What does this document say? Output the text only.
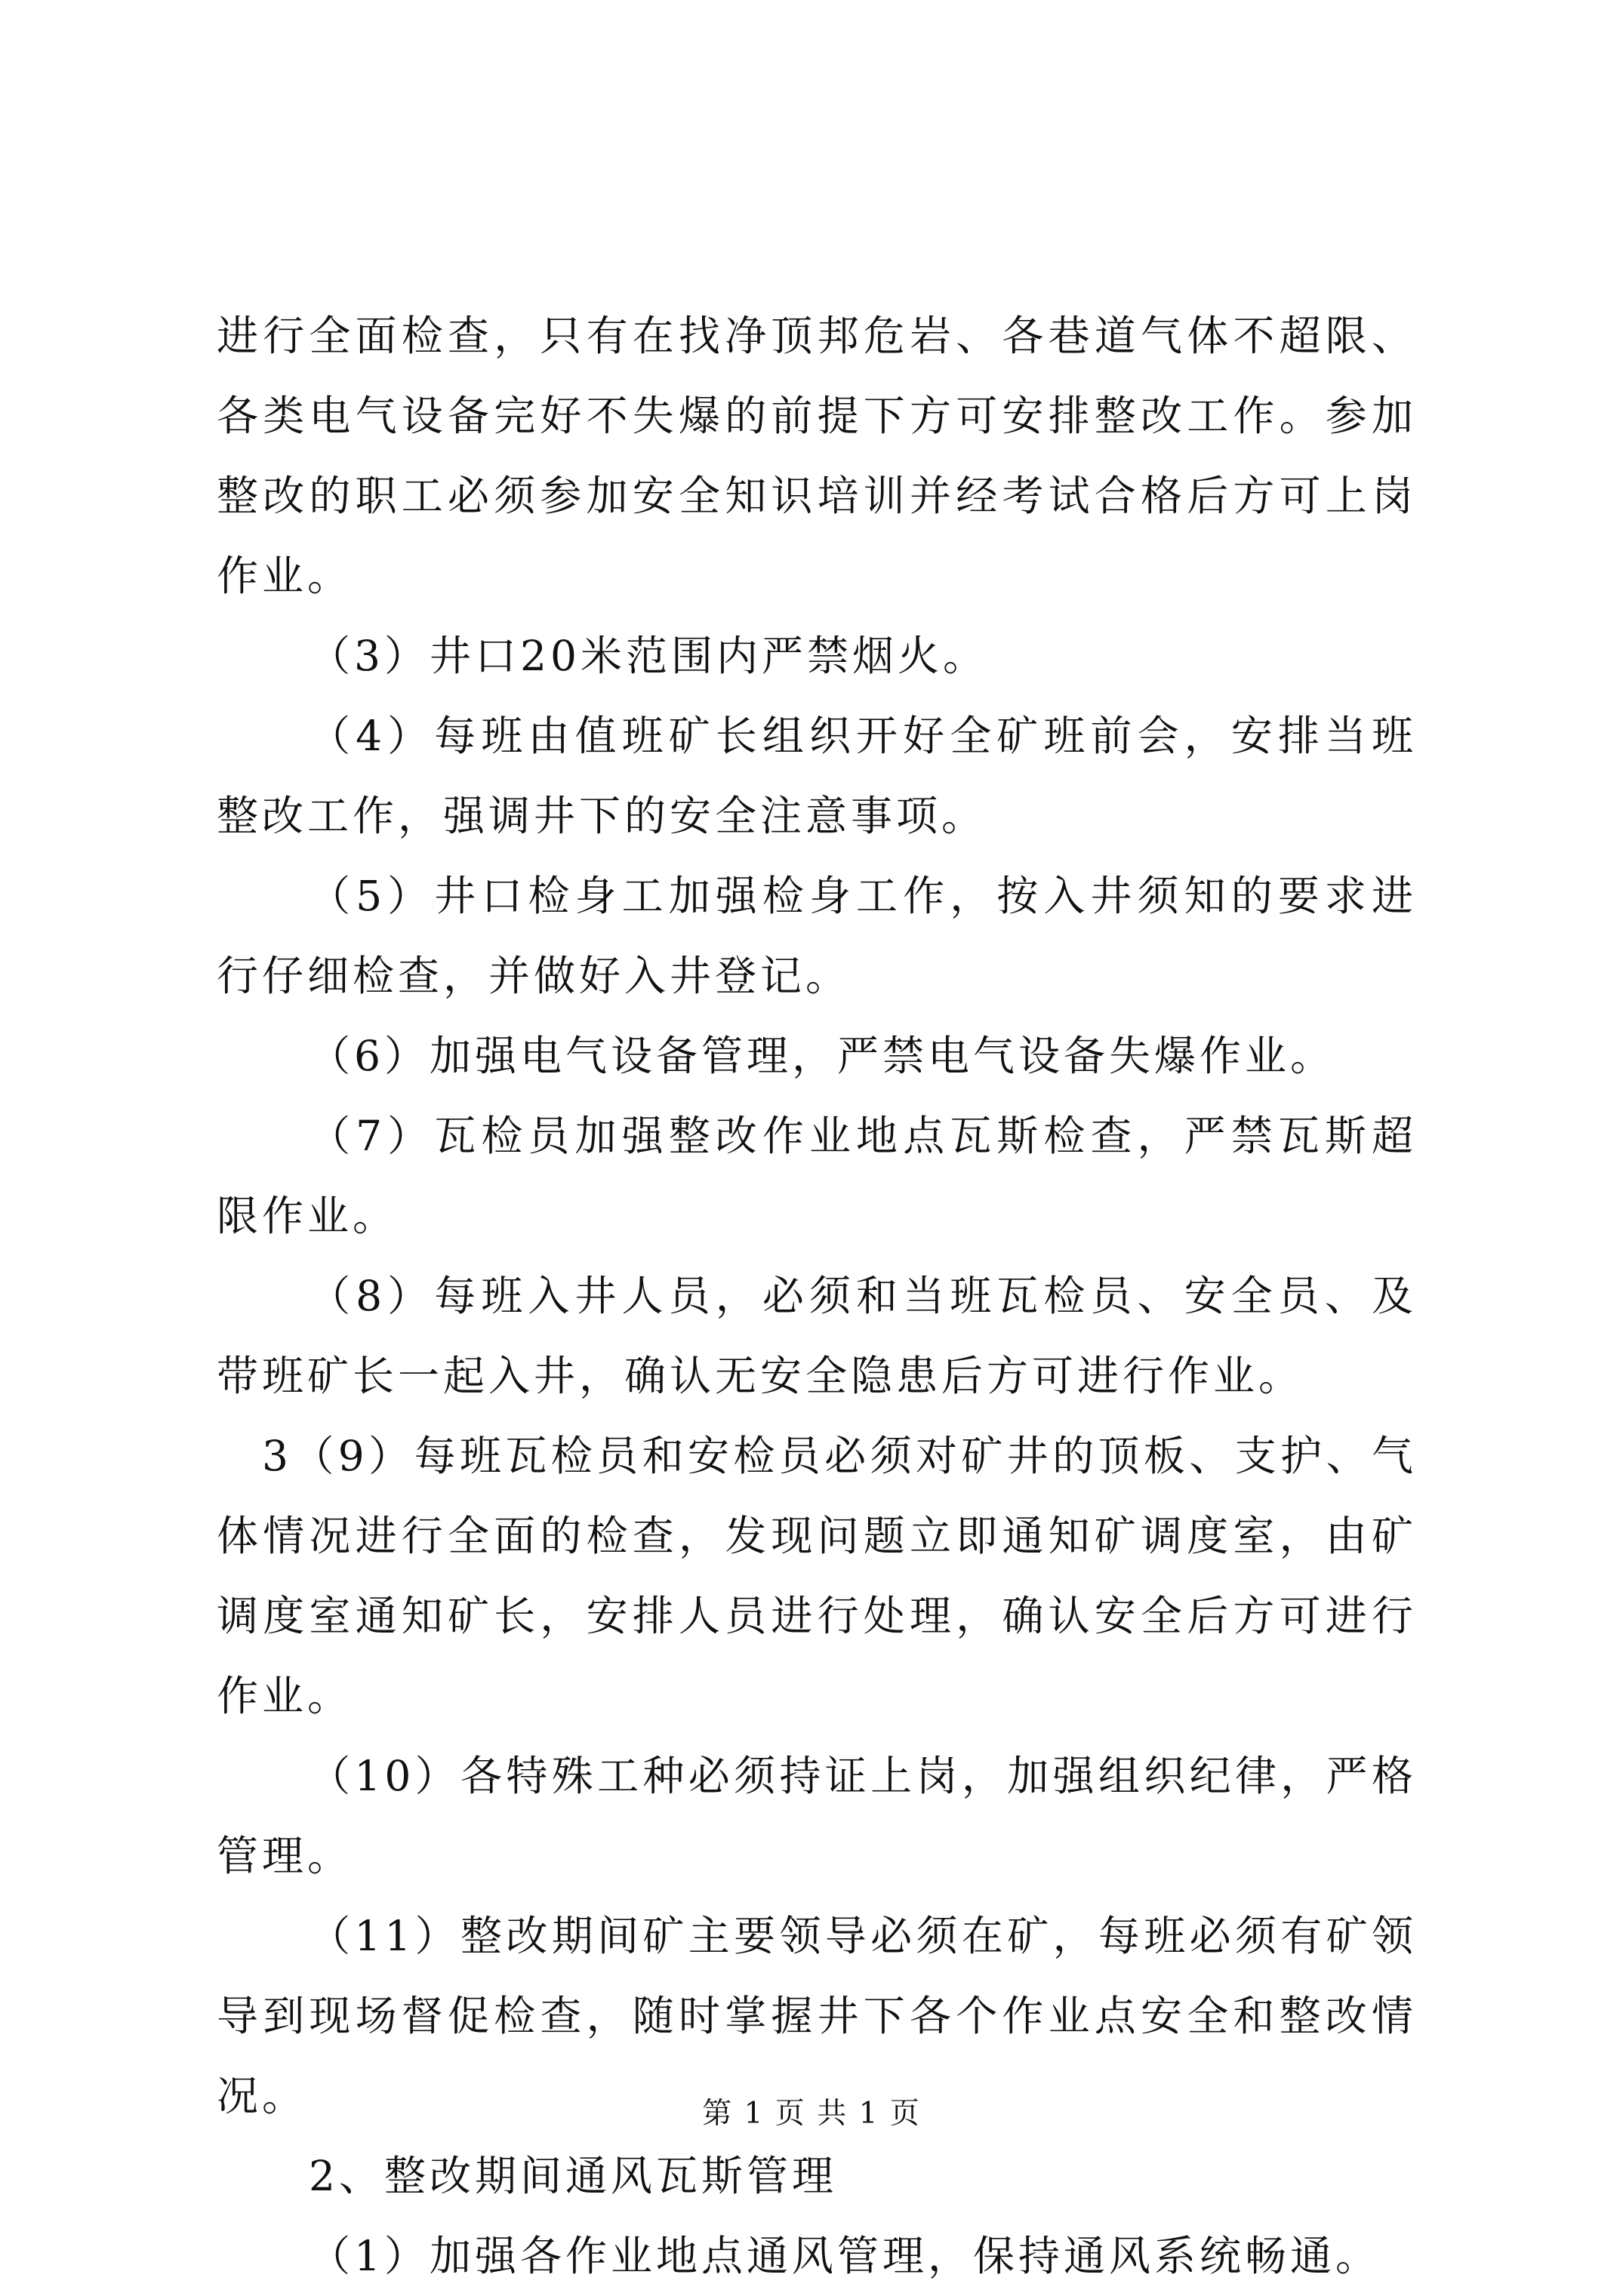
进行全面检查，只有在找净顶邦危岩、各巷道气体不超限、各类电气设备完好不失爆的前提下方可安排整改工作。参加整改的职工必须参加安全知识培训并经考试合格后方可上岗作业。

（3）井口20米范围内严禁烟火。

（4）每班由值班矿长组织开好全矿班前会，安排当班整改工作，强调井下的安全注意事项。

（5）井口检身工加强检身工作，按入井须知的要求进行仔细检查，并做好入井登记。

（6）加强电气设备管理，严禁电气设备失爆作业。

（7）瓦检员加强整改作业地点瓦斯检查，严禁瓦斯超限作业。

（8）每班入井人员，必须和当班瓦检员、安全员、及带班矿长一起入井，确认无安全隐患后方可进行作业。

3（9）每班瓦检员和安检员必须对矿井的顶板、支护、气体情况进行全面的检查，发现问题立即通知矿调度室，由矿调度室通知矿长，安排人员进行处理，确认安全后方可进行作业。

（10）各特殊工种必须持证上岗，加强组织纪律，严格管理。

（11）整改期间矿主要领导必须在矿，每班必须有矿领导到现场督促检查，随时掌握井下各个作业点安全和整改情况。

2、整改期间通风瓦斯管理

（1）加强各作业地点通风管理，保持通风系统畅通。

第 1 页 共 1 页
